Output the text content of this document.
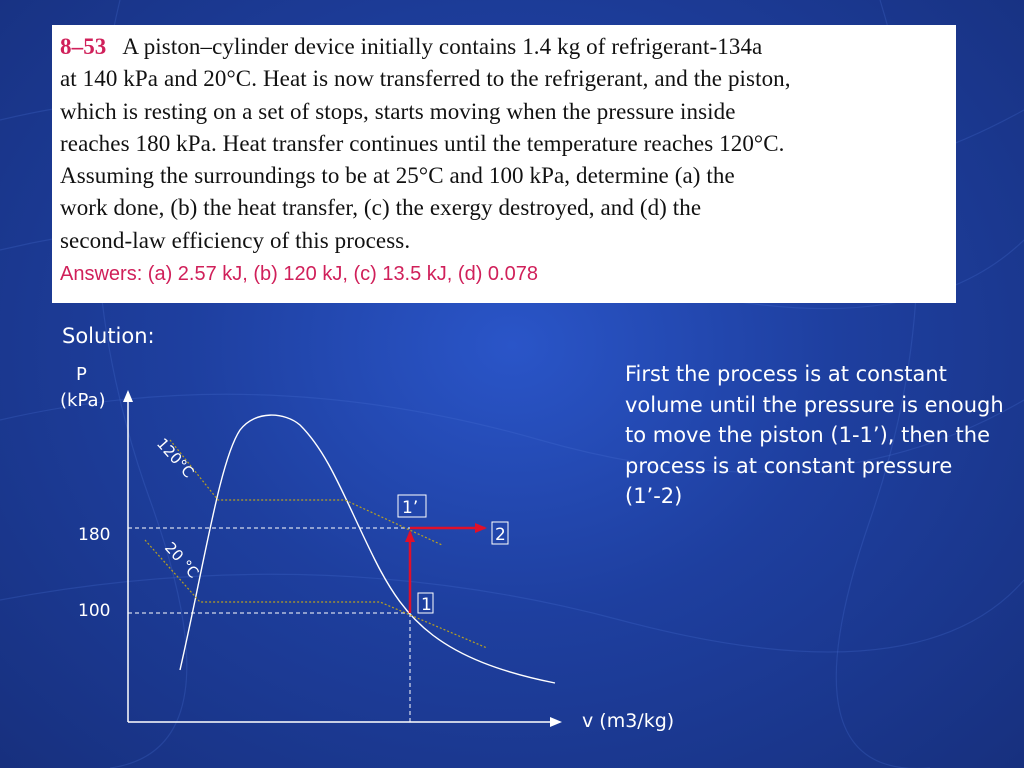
8–53 A piston–cylinder device initially contains 1.4 kg of refrigerant-134a
at 140 kPa and 20°C. Heat is now transferred to the refrigerant, and the piston,
which is resting on a set of stops, starts moving when the pressure inside
reaches 180 kPa. Heat transfer continues until the temperature reaches 120°C.
Assuming the surroundings to be at 25°C and 100 kPa, determine (a) the
work done, (b) the heat transfer, (c) the exergy destroyed, and (d) the
second-law efficiency of this process.
Answers: (a) 2.57 kJ, (b) 120 kJ, (c) 13.5 kJ, (d) 0.078
Solution:
P
(kPa)
v (m3/kg)
180
100
120°C
20 °C
1
1’
2
First the process is at constant volume until the pressure is enough to move the piston (1-1’), then the process is at constant pressure (1’-2)
